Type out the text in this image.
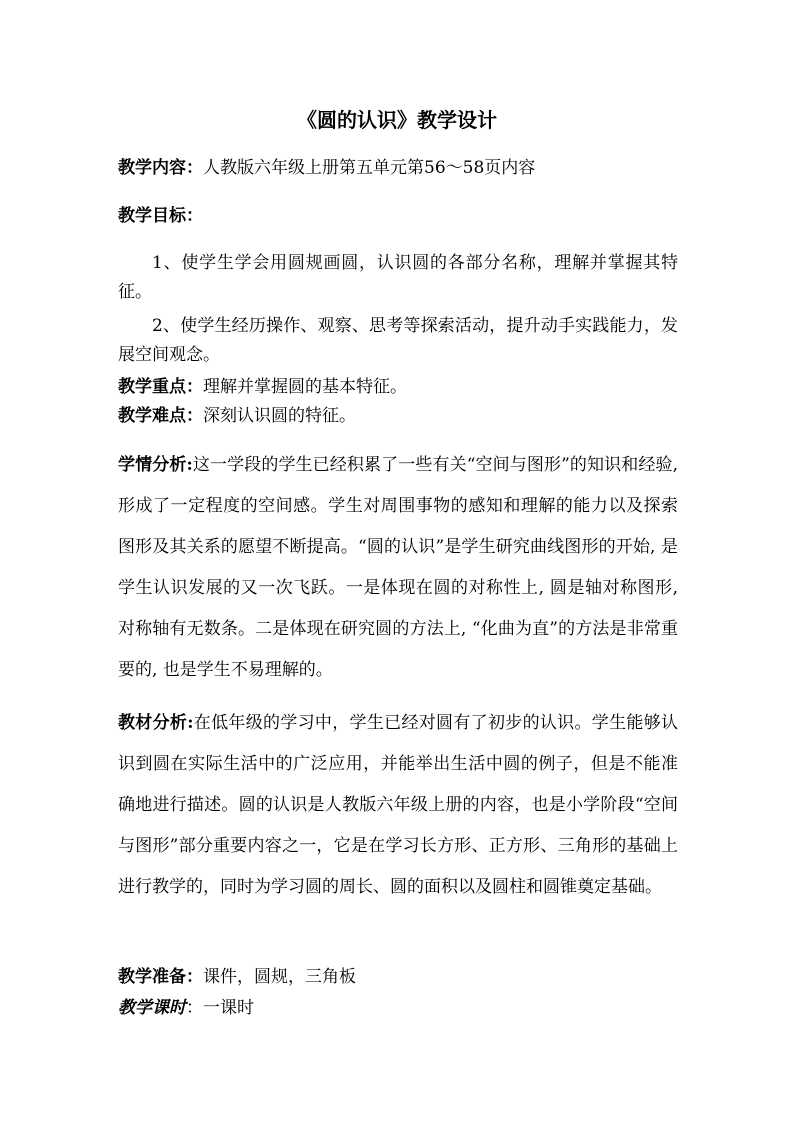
《圆的认识》教学设计
教学内容：人教版六年级上册第五单元第56～58页内容
教学目标：
1、使学生学会用圆规画圆，认识圆的各部分名称，理解并掌握其特征。
2、使学生经历操作、观察、思考等探索活动，提升动手实践能力，发展空间观念。
教学重点：理解并掌握圆的基本特征。
教学难点：深刻认识圆的特征。
学情分析:这一学段的学生已经积累了一些有关“空间与图形”的知识和经验, 形成了一定程度的空间感。学生对周围事物的感知和理解的能力以及探索图形及其关系的愿望不断提高。“圆的认识”是学生研究曲线图形的开始, 是学生认识发展的又一次飞跃。一是体现在圆的对称性上, 圆是轴对称图形, 对称轴有无数条。二是体现在研究圆的方法上, “化曲为直”的方法是非常重要的, 也是学生不易理解的。
教材分析:在低年级的学习中，学生已经对圆有了初步的认识。学生能够认识到圆在实际生活中的广泛应用，并能举出生活中圆的例子，但是不能准确地进行描述。圆的认识是人教版六年级上册的内容，也是小学阶段“空间与图形”部分重要内容之一，它是在学习长方形、正方形、三角形的基础上进行教学的，同时为学习圆的周长、圆的面积以及圆柱和圆锥奠定基础。
教学准备：课件，圆规，三角板
教学课时：一课时
